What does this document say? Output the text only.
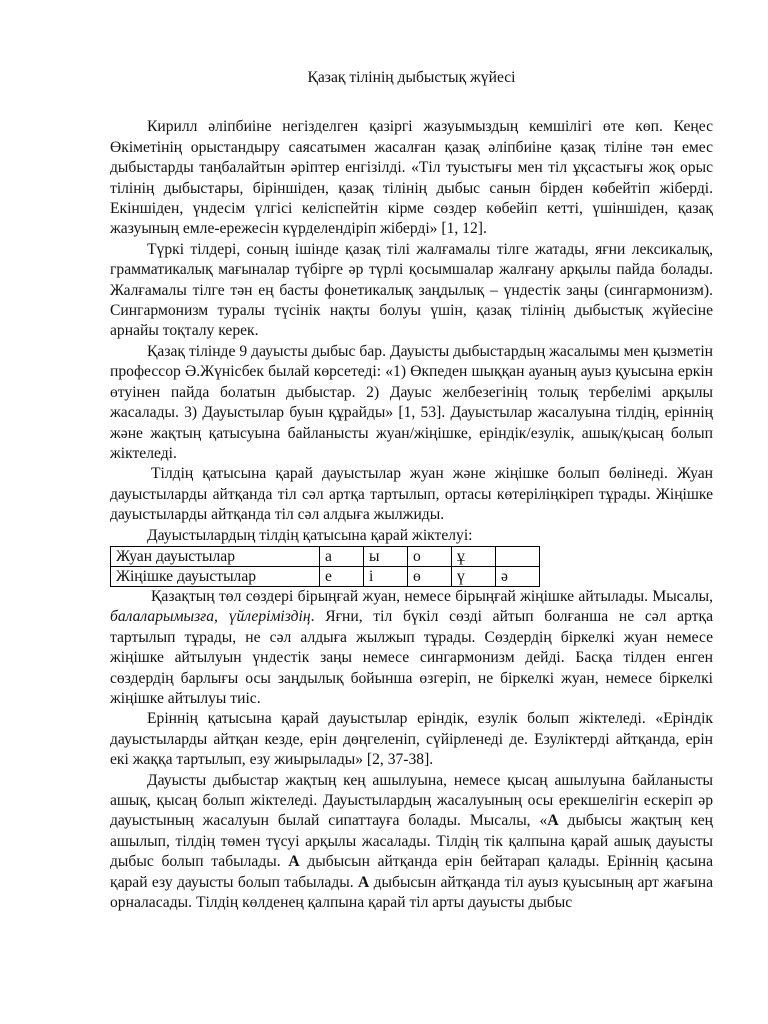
Қазақ тілінің дыбыстық жүйесі

Кирилл әліпбиіне негізделген қазіргі жазуымыздың кемшілігі өте көп. Кеңес Өкіметінің орыстандыру саясатымен жасалған қазақ әліпбиіне қазақ тіліне тән емес дыбыстарды таңбалайтын әріптер енгізілді. «Тіл туыстығы мен тіл ұқсастығы жоқ орыс тілінің дыбыстары, біріншіден, қазақ тілінің дыбыс санын бірден көбейтіп жіберді. Екіншіден, үндесім үлгісі келіспейтін кірме сөздер көбейіп кетті, үшіншіден, қазақ жазуының емле-ережесін күрделендіріп жіберді» [1, 12].

Түркі тілдері, соның ішінде қазақ тілі жалғамалы тілге жатады, яғни лексикалық, грамматикалық мағыналар түбірге әр түрлі қосымшалар жалғану арқылы пайда болады. Жалғамалы тілге тән ең басты фонетикалық заңдылық – үндестік заңы (сингармонизм). Сингармонизм туралы түсінік нақты болуы үшін, қазақ тілінің дыбыстық жүйесіне арнайы тоқталу керек.

Қазақ тілінде 9 дауысты дыбыс бар. Дауысты дыбыстардың жасалымы мен қызметін профессор Ә.Жүнісбек былай көрсетеді: «1) Өкпеден шыққан ауаның ауыз қуысына еркін өтуінен пайда болатын дыбыстар. 2) Дауыс желбезегінің толық тербелімі арқылы жасалады. 3) Дауыстылар буын құрайды» [1, 53]. Дауыстылар жасалуына тілдің, еріннің және жақтың қатысуына байланысты жуан/жіңішке, еріндік/езулік, ашық/қысаң болып жіктеледі.

Тілдің қатысына қарай дауыстылар жуан және жіңішке болып бөлінеді. Жуан дауыстыларды айтқанда тіл сәл артқа тартылып, ортасы көтерілiңкiреп тұрады. Жіңішке дауыстыларды айтқанда тіл сәл алдыға жылжиды.

Дауыстылардың тілдің қатысына қарай жіктелуі:

Жуан дауыстылар	а	ы	о	ұ	
Жіңішке дауыстылар	е	і	ө	ү	ә

Қазақтың төл сөздері бірыңғай жуан, немесе бірыңғай жіңішке айтылады. Мысалы, балаларымызға, үйлеріміздің. Яғни, тіл бүкіл сөзді айтып болғанша не сәл артқа тартылып тұрады, не сәл алдыға жылжып тұрады. Сөздердің біркелкі жуан немесе жіңішке айтылуын үндестік заңы немесе сингармонизм дейді. Басқа тілден енген сөздердің барлығы осы заңдылық бойынша өзгеріп, не біркелкі жуан, немесе біркелкі жіңішке айтылуы тиіс.

Еріннің қатысына қарай дауыстылар еріндік, езулік болып жіктеледі. «Еріндік дауыстыларды айтқан кезде, ерін дөңгеленіп, сүйірленеді де. Езуліктерді айтқанда, ерін екі жаққа тартылып, езу жиырылады» [2, 37-38].

Дауысты дыбыстар жақтың кең ашылуына, немесе қысаң ашылуына байланысты ашық, қысаң болып жіктеледі. Дауыстылардың жасалуының осы ерекшелігін ескеріп әр дауыстының жасалуын былай сипаттауға болады. Мысалы, «А дыбысы жақтың кең ашылып, тілдің төмен түсуі арқылы жасалады. Тілдің тік қалпына қарай ашық дауысты дыбыс болып табылады. А дыбысын айтқанда ерін бейтарап қалады. Еріннің қасына қарай езу дауысты болып табылады. А дыбысын айтқанда тіл ауыз қуысының арт жағына орналасады. Тілдің көлденең қалпына қарай тіл арты дауысты дыбыс
